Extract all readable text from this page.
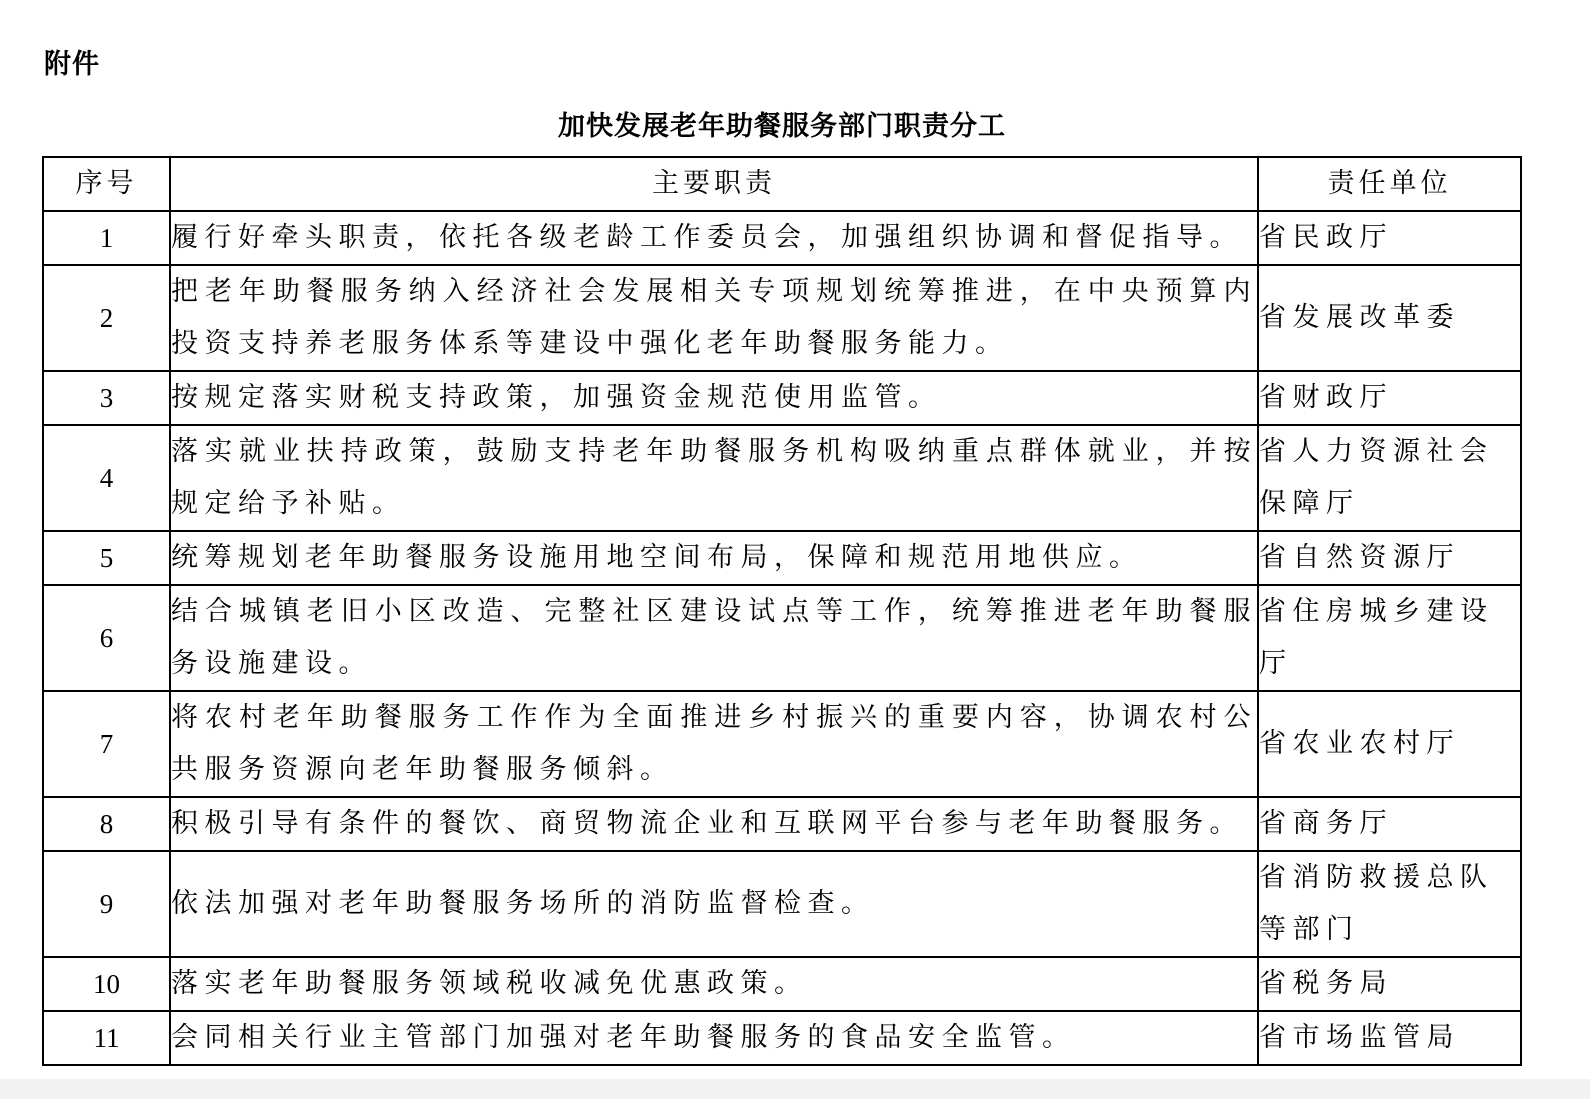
附件
加快发展老年助餐服务部门职责分工
序号	主要职责	责任单位
1	履行好牵头职责，依托各级老龄工作委员会，加强组织协调和督促指导。	省民政厅
2	把老年助餐服务纳入经济社会发展相关专项规划统筹推进，在中央预算内投资支持养老服务体系等建设中强化老年助餐服务能力。	省发展改革委
3	按规定落实财税支持政策，加强资金规范使用监管。	省财政厅
4	落实就业扶持政策，鼓励支持老年助餐服务机构吸纳重点群体就业，并按规定给予补贴。	省人力资源社会保障厅
5	统筹规划老年助餐服务设施用地空间布局，保障和规范用地供应。	省自然资源厅
6	结合城镇老旧小区改造、完整社区建设试点等工作，统筹推进老年助餐服务设施建设。	省住房城乡建设厅
7	将农村老年助餐服务工作作为全面推进乡村振兴的重要内容，协调农村公共服务资源向老年助餐服务倾斜。	省农业农村厅
8	积极引导有条件的餐饮、商贸物流企业和互联网平台参与老年助餐服务。	省商务厅
9	依法加强对老年助餐服务场所的消防监督检查。	省消防救援总队等部门
10	落实老年助餐服务领域税收减免优惠政策。	省税务局
11	会同相关行业主管部门加强对老年助餐服务的食品安全监管。	省市场监管局
